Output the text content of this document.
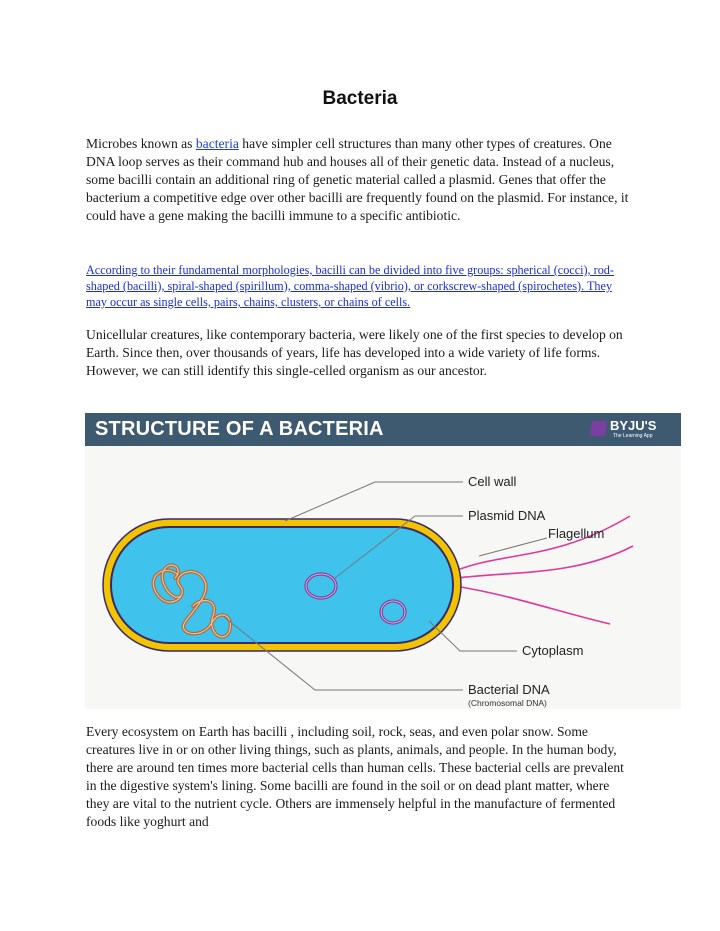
Bacteria

Microbes known as bacteria have simpler cell structures than many other types of creatures. One DNA loop serves as their command hub and houses all of their genetic data. Instead of a nucleus, some bacilli contain an additional ring of genetic material called a plasmid. Genes that offer the bacterium a competitive edge over other bacilli are frequently found on the plasmid. For instance, it could have a gene making the bacilli immune to a specific antibiotic.

According to their fundamental morphologies, bacilli can be divided into five groups: spherical (cocci), rod-shaped (bacilli), spiral-shaped (spirillum), comma-shaped (vibrio), or corkscrew-shaped (spirochetes). They may occur as single cells, pairs, chains, clusters, or chains of cells.

Unicellular creatures, like contemporary bacteria, were likely one of the first species to develop on Earth. Since then, over thousands of years, life has developed into a wide variety of life forms. However, we can still identify this single-celled organism as our ancestor.

STRUCTURE OF A BACTERIA	BYJU'S
The Learning App
Cell wall
Plasmid DNA
Flagellum
Cytoplasm
Bacterial DNA
(Chromosomal DNA)

Every ecosystem on Earth has bacilli , including soil, rock, seas, and even polar snow. Some creatures live in or on other living things, such as plants, animals, and people. In the human body, there are around ten times more bacterial cells than human cells. These bacterial cells are prevalent in the digestive system's lining. Some bacilli are found in the soil or on dead plant matter, where they are vital to the nutrient cycle. Others are immensely helpful in the manufacture of fermented foods like yoghurt and
